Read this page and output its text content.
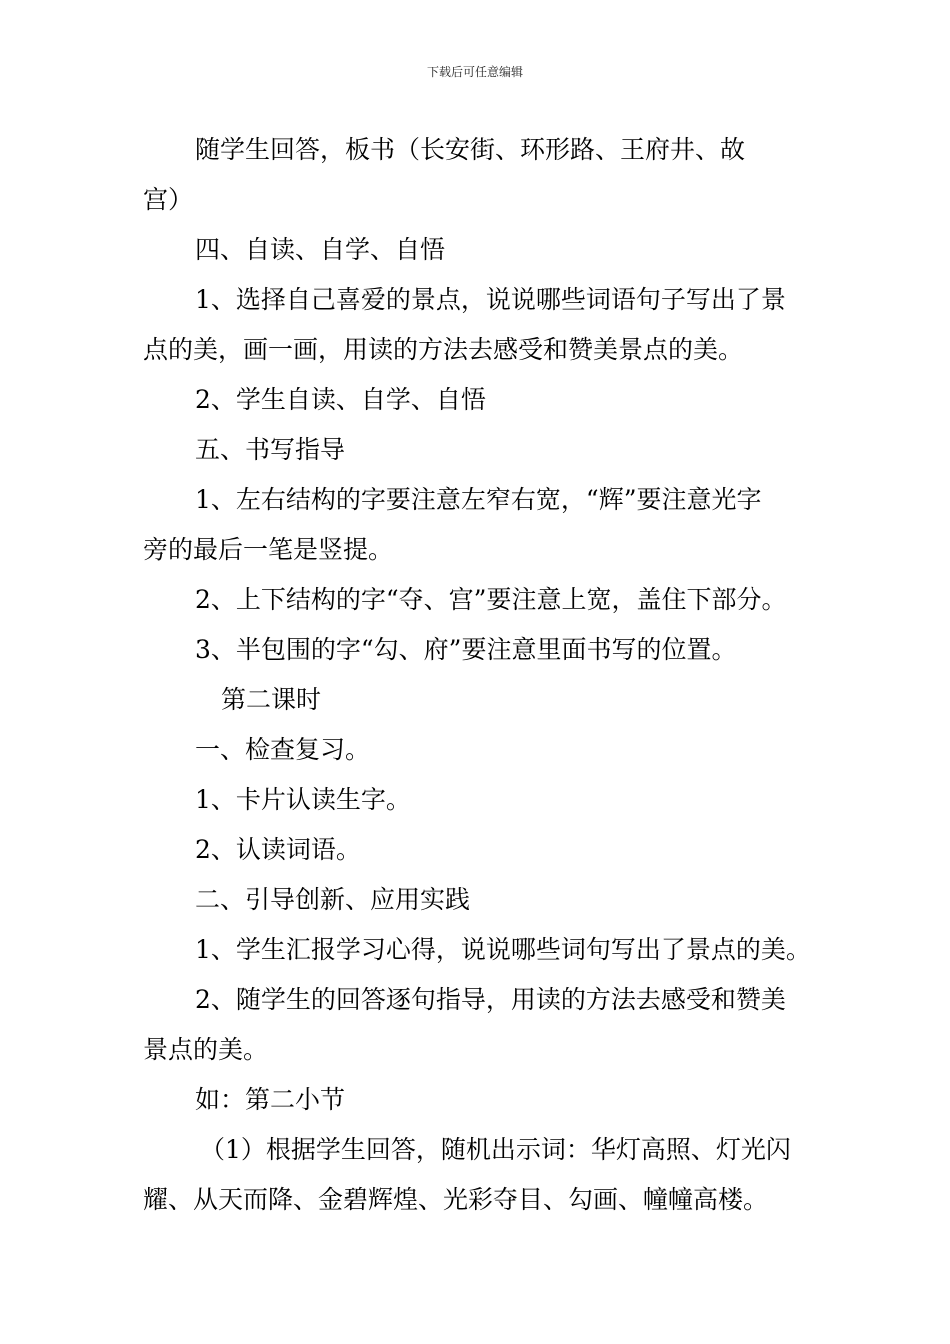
下载后可任意编辑
随学生回答，板书（长安街、环形路、王府井、故
宫）
四、自读、自学、自悟
1、选择自己喜爱的景点，说说哪些词语句子写出了景
点的美，画一画，用读的方法去感受和赞美景点的美。
2、学生自读、自学、自悟
五、书写指导
1、左右结构的字要注意左窄右宽，“辉”要注意光字
旁的最后一笔是竖提。
2、上下结构的字“夺、宫”要注意上宽，盖住下部分。
3、半包围的字“勾、府”要注意里面书写的位置。
第二课时
一、检查复习。
1、卡片认读生字。
2、认读词语。
二、引导创新、应用实践
1、学生汇报学习心得，说说哪些词句写出了景点的美。
2、随学生的回答逐句指导，用读的方法去感受和赞美
景点的美。
如：第二小节
（1）根据学生回答，随机出示词：华灯高照、灯光闪
耀、从天而降、金碧辉煌、光彩夺目、勾画、幢幢高楼。
